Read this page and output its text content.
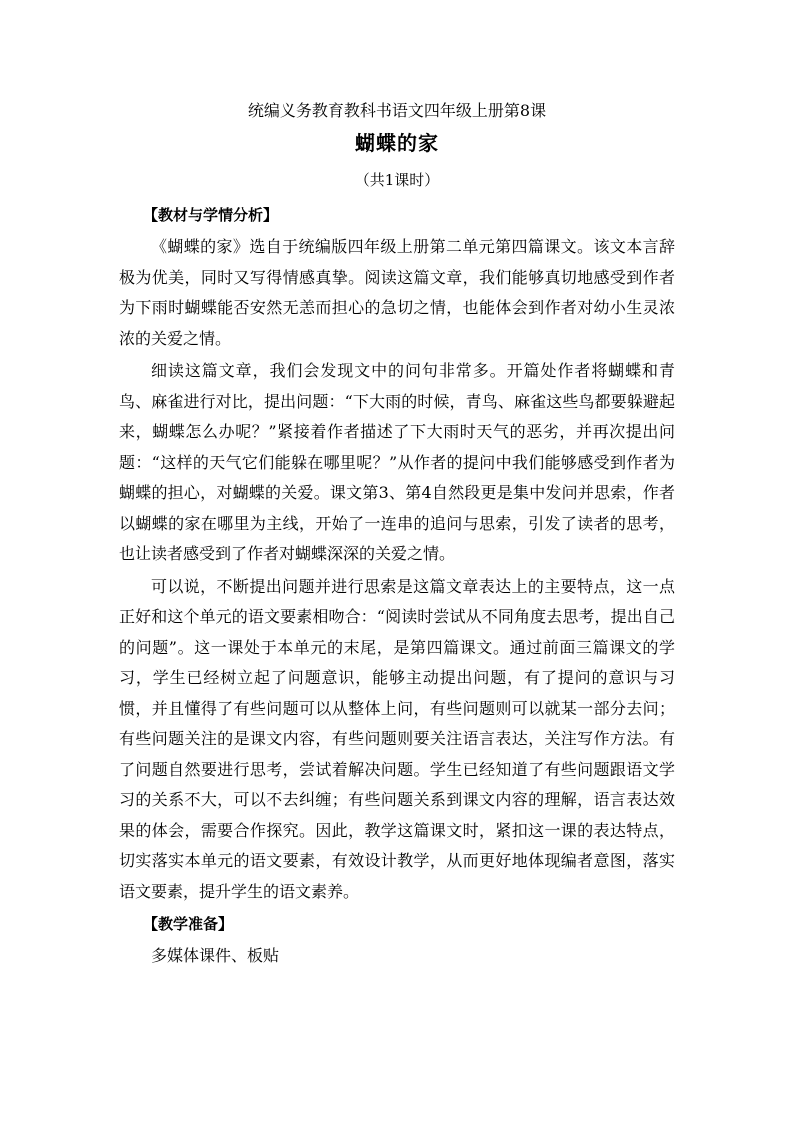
统编义务教育教科书语文四年级上册第8课

蝴蝶的家

（共1课时）

【教材与学情分析】

《蝴蝶的家》选自于统编版四年级上册第二单元第四篇课文。该文本言辞极为优美，同时又写得情感真挚。阅读这篇文章，我们能够真切地感受到作者为下雨时蝴蝶能否安然无恙而担心的急切之情，也能体会到作者对幼小生灵浓浓的关爱之情。

细读这篇文章，我们会发现文中的问句非常多。开篇处作者将蝴蝶和青鸟、麻雀进行对比，提出问题：“下大雨的时候，青鸟、麻雀这些鸟都要躲避起来，蝴蝶怎么办呢？”紧接着作者描述了下大雨时天气的恶劣，并再次提出问题：“这样的天气它们能躲在哪里呢？”从作者的提问中我们能够感受到作者为蝴蝶的担心，对蝴蝶的关爱。课文第3、第4自然段更是集中发问并思索，作者以蝴蝶的家在哪里为主线，开始了一连串的追问与思索，引发了读者的思考，也让读者感受到了作者对蝴蝶深深的关爱之情。

可以说，不断提出问题并进行思索是这篇文章表达上的主要特点，这一点正好和这个单元的语文要素相吻合：“阅读时尝试从不同角度去思考，提出自己的问题”。这一课处于本单元的末尾，是第四篇课文。通过前面三篇课文的学习，学生已经树立起了问题意识，能够主动提出问题，有了提问的意识与习惯，并且懂得了有些问题可以从整体上问，有些问题则可以就某一部分去问；有些问题关注的是课文内容，有些问题则要关注语言表达，关注写作方法。有了问题自然要进行思考，尝试着解决问题。学生已经知道了有些问题跟语文学习的关系不大，可以不去纠缠；有些问题关系到课文内容的理解，语言表达效果的体会，需要合作探究。因此，教学这篇课文时，紧扣这一课的表达特点，切实落实本单元的语文要素，有效设计教学，从而更好地体现编者意图，落实语文要素，提升学生的语文素养。

【教学准备】

多媒体课件、板贴
